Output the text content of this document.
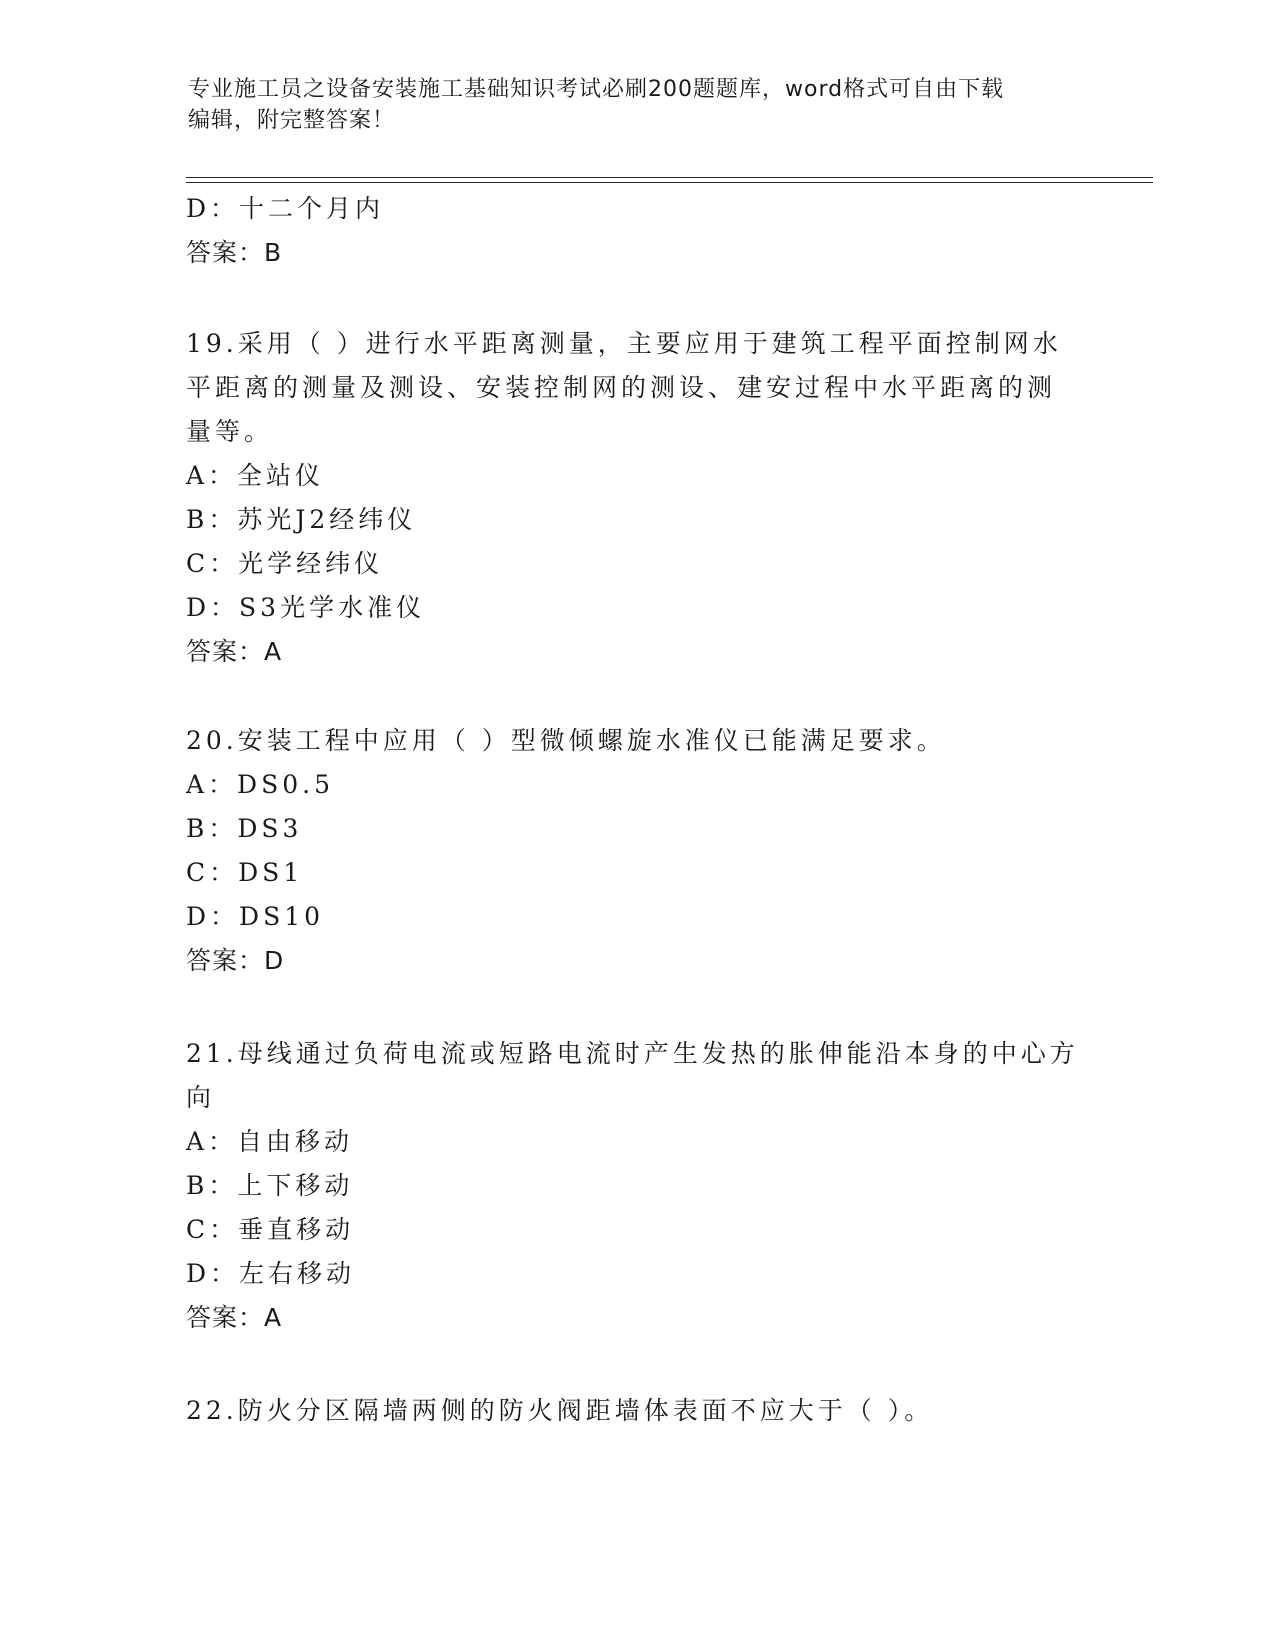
专业施工员之设备安装施工基础知识考试必刷200题题库，word格式可自由下载
编辑，附完整答案！
D：十二个月内
答案：B
19.采用（ ）进行水平距离测量，主要应用于建筑工程平面控制网水
平距离的测量及测设、安装控制网的测设、建安过程中水平距离的测
量等。
A：全站仪
B：苏光J2经纬仪
C：光学经纬仪
D：S3光学水准仪
答案：A
20.安装工程中应用（ ）型微倾螺旋水准仪已能满足要求。
A：DS0.5
B：DS3
C：DS1
D：DS10
答案：D
21.母线通过负荷电流或短路电流时产生发热的胀伸能沿本身的中心方
向
A：自由移动
B：上下移动
C：垂直移动
D：左右移动
答案：A
22.防火分区隔墙两侧的防火阀距墙体表面不应大于（ ）。
